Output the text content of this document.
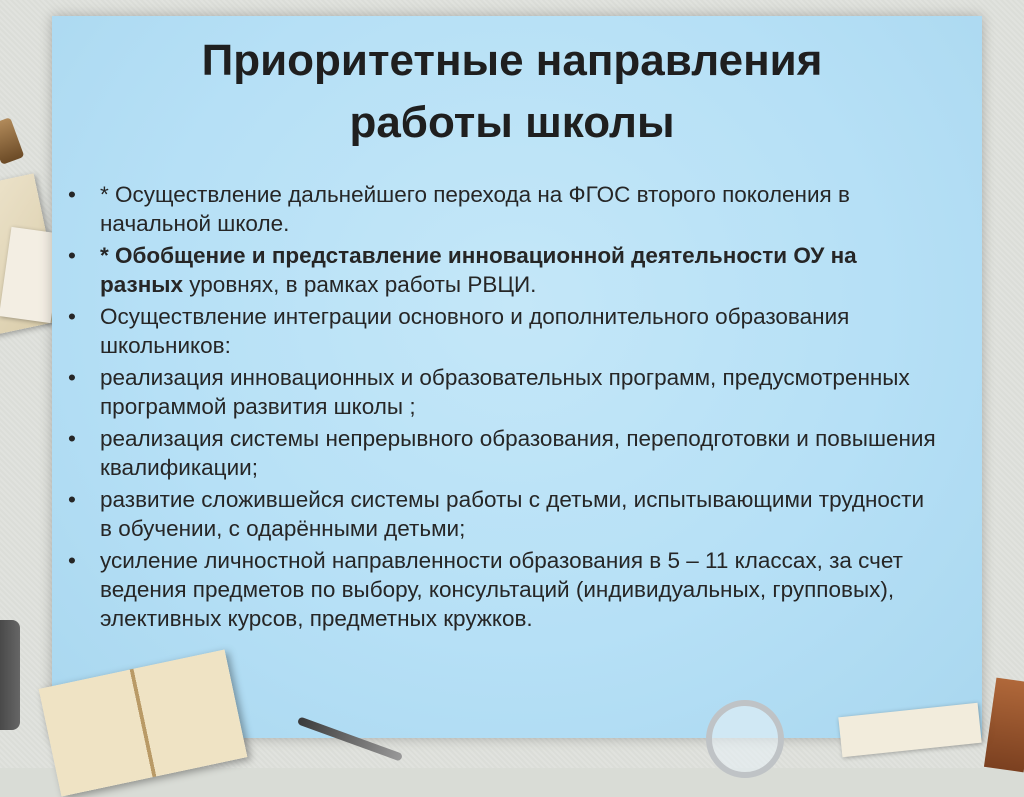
Приоритетные направления
работы школы
• * Осуществление дальнейшего перехода на ФГОС второго поколения в начальной школе.
• * Обобщение и представление инновационной деятельности ОУ на разных уровнях, в рамках работы РВЦИ.
• Осуществление интеграции основного и дополнительного образования школьников:
• реализация инновационных и образовательных программ, предусмотренных программой развития школы ;
• реализация системы непрерывного образования, переподготовки и повышения квалификации;
• развитие сложившейся системы работы с детьми, испытывающими трудности в обучении, с одарёнными детьми;
• усиление личностной направленности образования в 5 – 11 классах, за счет ведения предметов по выбору, консультаций (индивидуальных, групповых), элективных курсов, предметных кружков.
